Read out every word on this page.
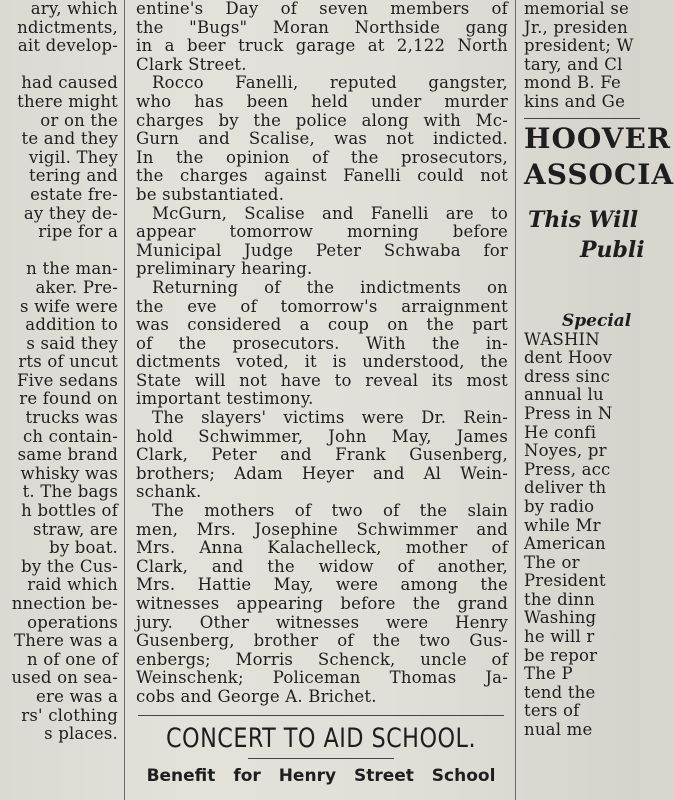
ary, which
ndictments,
ait develop-

had caused
there might
or on the
te and they
vigil. They
tering and
estate fre-
ay they de-
ripe for a

n the man-
aker. Pre-
s wife were
addition to
s said they
rts of uncut
Five sedans
re found on
trucks was
ch contain-
same brand
whisky was
t. The bags
h bottles of
straw, are
by boat.
by the Cus-
raid which
nnection be-
operations
There was a
n of one of
used on sea-
ere was a
rs' clothing
s places.
entine's Day of seven members of
the "Bugs" Moran Northside gang
in a beer truck garage at 2,122 North
Clark Street.
Rocco Fanelli, reputed gangster,
who has been held under murder
charges by the police along with Mc-
Gurn and Scalise, was not indicted.
In the opinion of the prosecutors,
the charges against Fanelli could not
be substantiated.
McGurn, Scalise and Fanelli are to
appear tomorrow morning before
Municipal Judge Peter Schwaba for
preliminary hearing.
Returning of the indictments on
the eve of tomorrow's arraignment
was considered a coup on the part
of the prosecutors. With the in-
dictments voted, it is understood, the
State will not have to reveal its most
important testimony.
The slayers' victims were Dr. Rein-
hold Schwimmer, John May, James
Clark, Peter and Frank Gusenberg,
brothers; Adam Heyer and Al Wein-
schank.
The mothers of two of the slain
men, Mrs. Josephine Schwimmer and
Mrs. Anna Kalachelleck, mother of
Clark, and the widow of another,
Mrs. Hattie May, were among the
witnesses appearing before the grand
jury. Other witnesses were Henry
Gusenberg, brother of the two Gus-
enbergs; Morris Schenck, uncle of
Weinschenk; Policeman Thomas Ja-
cobs and George A. Brichet.
CONCERT TO AID SCHOOL.
Benefit for Henry Street School
memorial se
Jr., presiden
president; W
tary, and Cl
mond B. Fe
kins and Ge
HOOVER
ASSOCIA
This Will
Publi
Special
WASHIN
dent Hoov
dress sinc
annual lu
Press in N
He confi
Noyes, pr
Press, acc
deliver th
by radio
while Mr
American
The or
President
the dinn
Washing
he will r
be repor
The P
tend the
ters of
nual me
